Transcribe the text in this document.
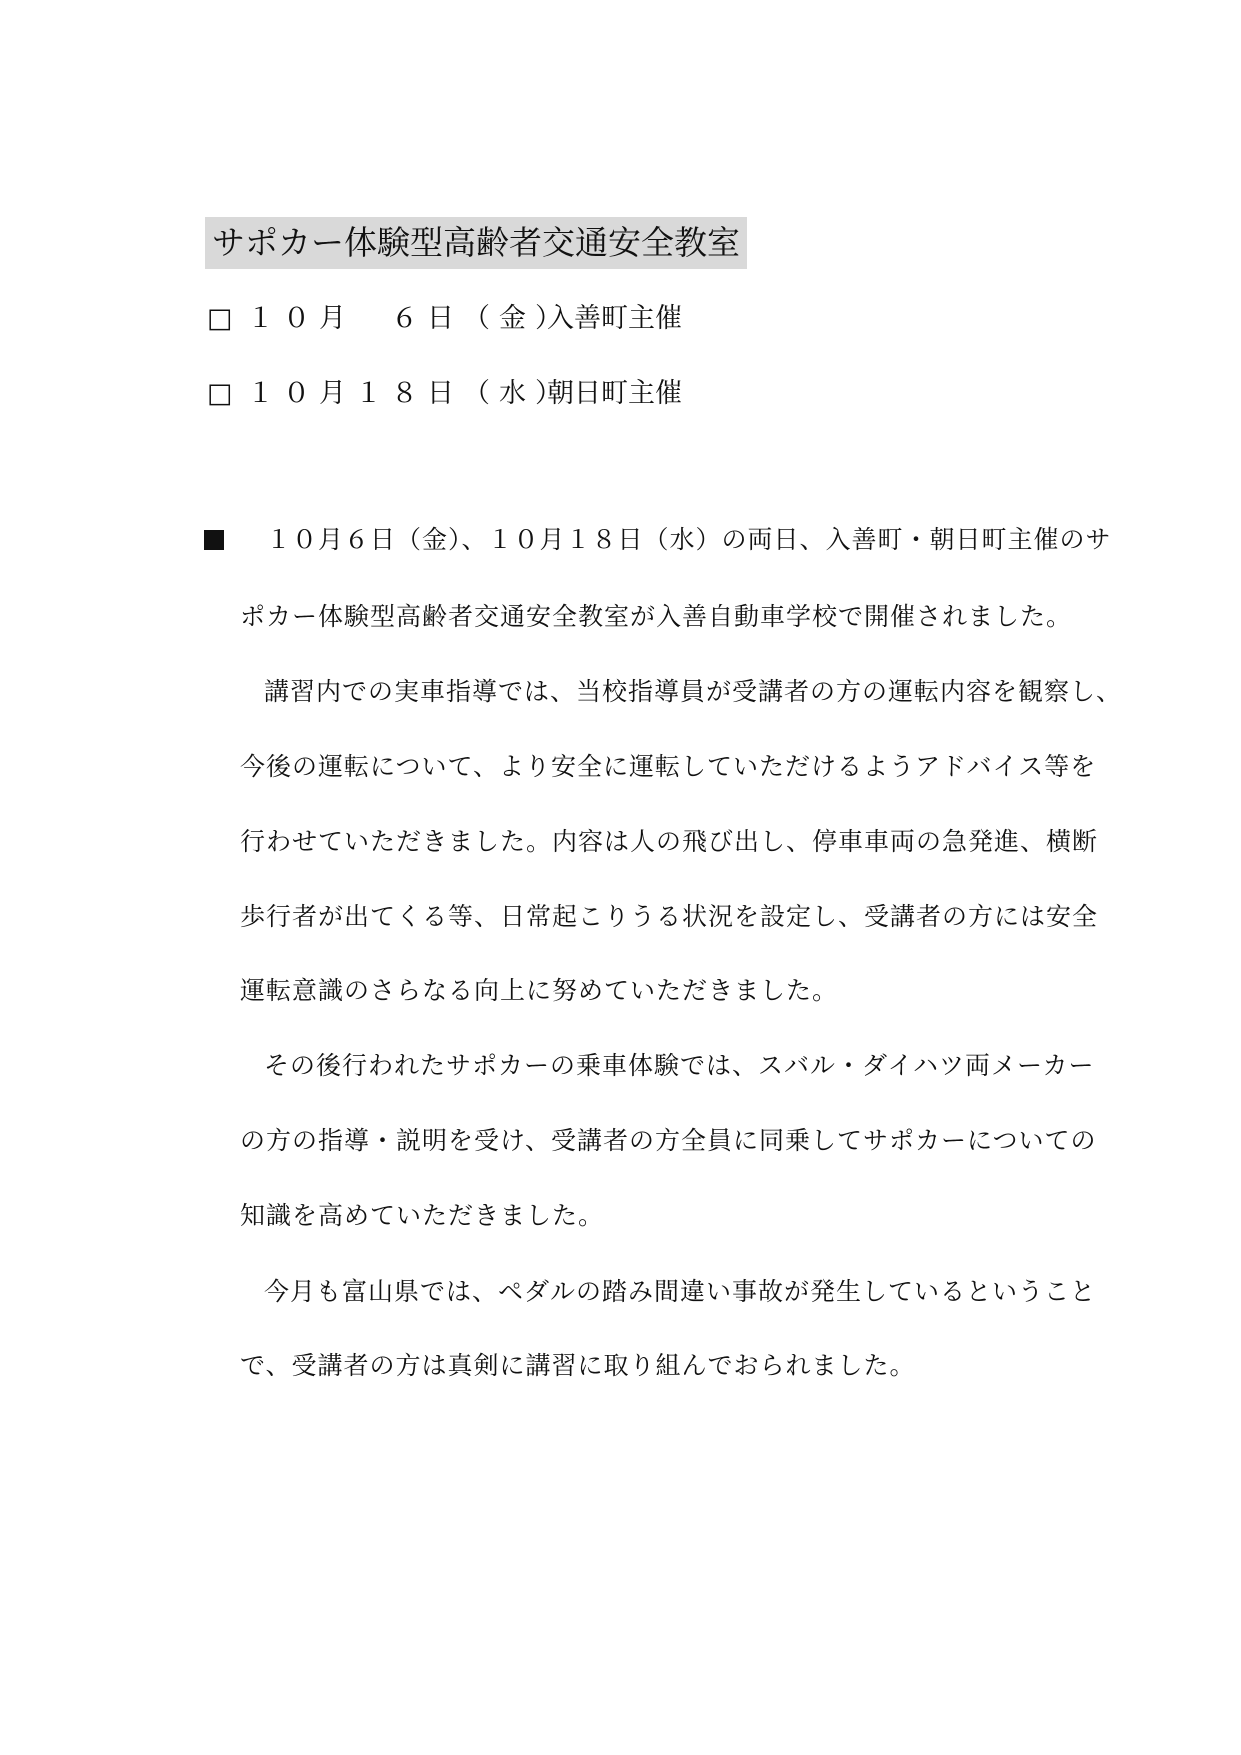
サポカー体験型高齢者交通安全教室
□ １０月　６日（金）入善町主催
□ １０月１８日（水）朝日町主催
１０月６日（金）、１０月１８日（水）の両日、入善町・朝日町主催のサ
ポカー体験型高齢者交通安全教室が入善自動車学校で開催されました。
講習内での実車指導では、当校指導員が受講者の方の運転内容を観察し、
今後の運転について、より安全に運転していただけるようアドバイス等を
行わせていただきました。内容は人の飛び出し、停車車両の急発進、横断
歩行者が出てくる等、日常起こりうる状況を設定し、受講者の方には安全
運転意識のさらなる向上に努めていただきました。
その後行われたサポカーの乗車体験では、スバル・ダイハツ両メーカー
の方の指導・説明を受け、受講者の方全員に同乗してサポカーについての
知識を高めていただきました。
今月も富山県では、ペダルの踏み間違い事故が発生しているということ
で、受講者の方は真剣に講習に取り組んでおられました。
